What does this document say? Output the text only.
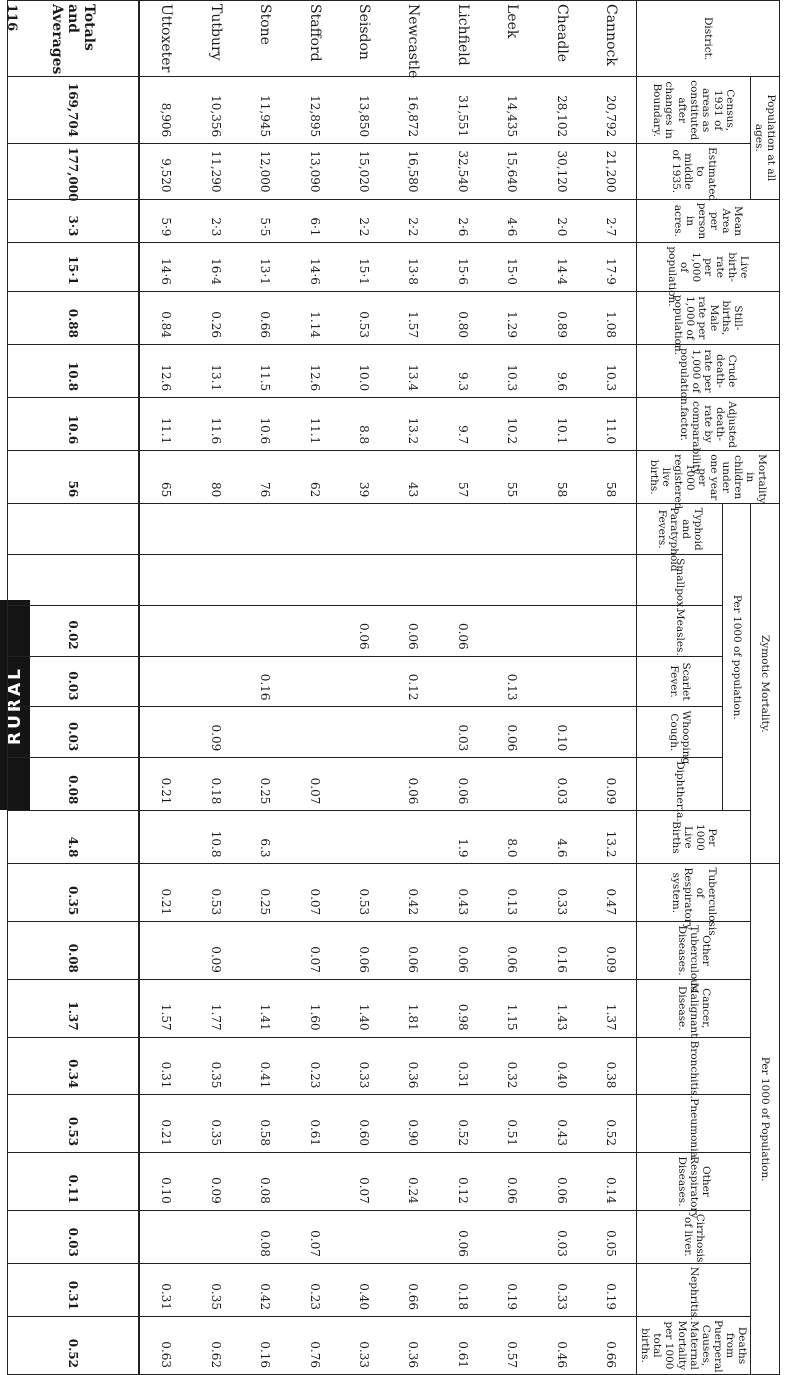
116
RURAL
District.	Population at all ages.		Mean Area per person in acres.	Live birth-rate per 1,000 of population.	Still-births, Male rate per 1,000 of population.	Crude death-rate per 1,000 of population.	Adjusted death-rate by comparability factor.	Mortality in children under one year per 1000 registered live births.	Zymotic Mortality.							Per 1000 of Population.								
	Census, 1931 of areas as constituted after changes in Boundary.	Estimated to middle of 1935.							Per 1000 of population.						Per 1000 Live Births	Tuberculosis of Respiratory system.	Other Tuberculous Diseases.	Cancer, Malignant Disease.	Bronchitis.	Pneumonia.	Other Respiratory Diseases.	Cirrhosis of liver.	Nephritis.	Deaths from Puerperal Causes, Maternal Mortality per 1000 total births.
									Typhoid and Paratyphoid Fevers.	Smallpox.	Measles.	Scarlet Fever.	Whooping Cough.	Diphtheria.										
Cannock	20,792	21,200	2·7	17·9	1.08	10.3	11.0	58						0.09	13.2	0.47	0.09	1.37	0.38	0.52	0.14	0.05	0.19	0.66
Cheadle	28,102	30,120	2·0	14·4	0.89	9.6	10.1	58					0.10	0.03	4.6	0.33	0.16	1.43	0.40	0.43	0.06	0.03	0.33	0.46
Leek	14,435	15,640	4·6	15·0	1.29	10.3	10.2	55				0.13	0.06		8.0	0.13	0.06	1.15	0.32	0.51	0.06		0.19	0.57
Lichfield	31,551	32,540	2·6	15·6	0.80	9.3	9.7	57			0.06		0.03	0.06	1.9	0.43	0.06	0.98	0.31	0.52	0.12	0.06	0.18	0.61
Newcastle	16,872	16,580	2·2	13·8	1.57	13.4	13.2	43			0.06	0.12		0.06		0.42	0.06	1.81	0.36	0.90	0.24		0.66	0.36
Seisdon	13,850	15,020	2·2	15·1	0.53	10.0	8.8	39			0.06					0.53	0.06	1.40	0.33	0.60	0.07		0.40	0.33
Stafford	12,895	13,090	6·1	14·6	1.14	12.6	11.1	62						0.07		0.07	0.07	1.60	0.23	0.61		0.07	0.23	0.76
Stone	11,945	12,000	5·5	13·1	0.66	11.5	10.6	76				0.16		0.25	6.3	0.25		1.41	0.41	0.58	0.08	0.08	0.42	0.16
Tutbury	10,356	11,290	2·3	16·4	0.26	13.1	11.6	80					0.09	0.18	10.8	0.53	0.09	1.77	0.35	0.35	0.09		0.35	0.62
Uttoxeter	8,906	9,520	5·9	14·6	0.84	12.6	11.1	65						0.21		0.21		1.57	0.31	0.21	0.10		0.31	0.63
Totals and Averages	169,704	177,000	3·3	15·1	0.88	10.8	10.6	56			0.02	0.03	0.03	0.08	4.8	0.35	0.08	1.37	0.34	0.53	0.11	0.03	0.31	0.52
